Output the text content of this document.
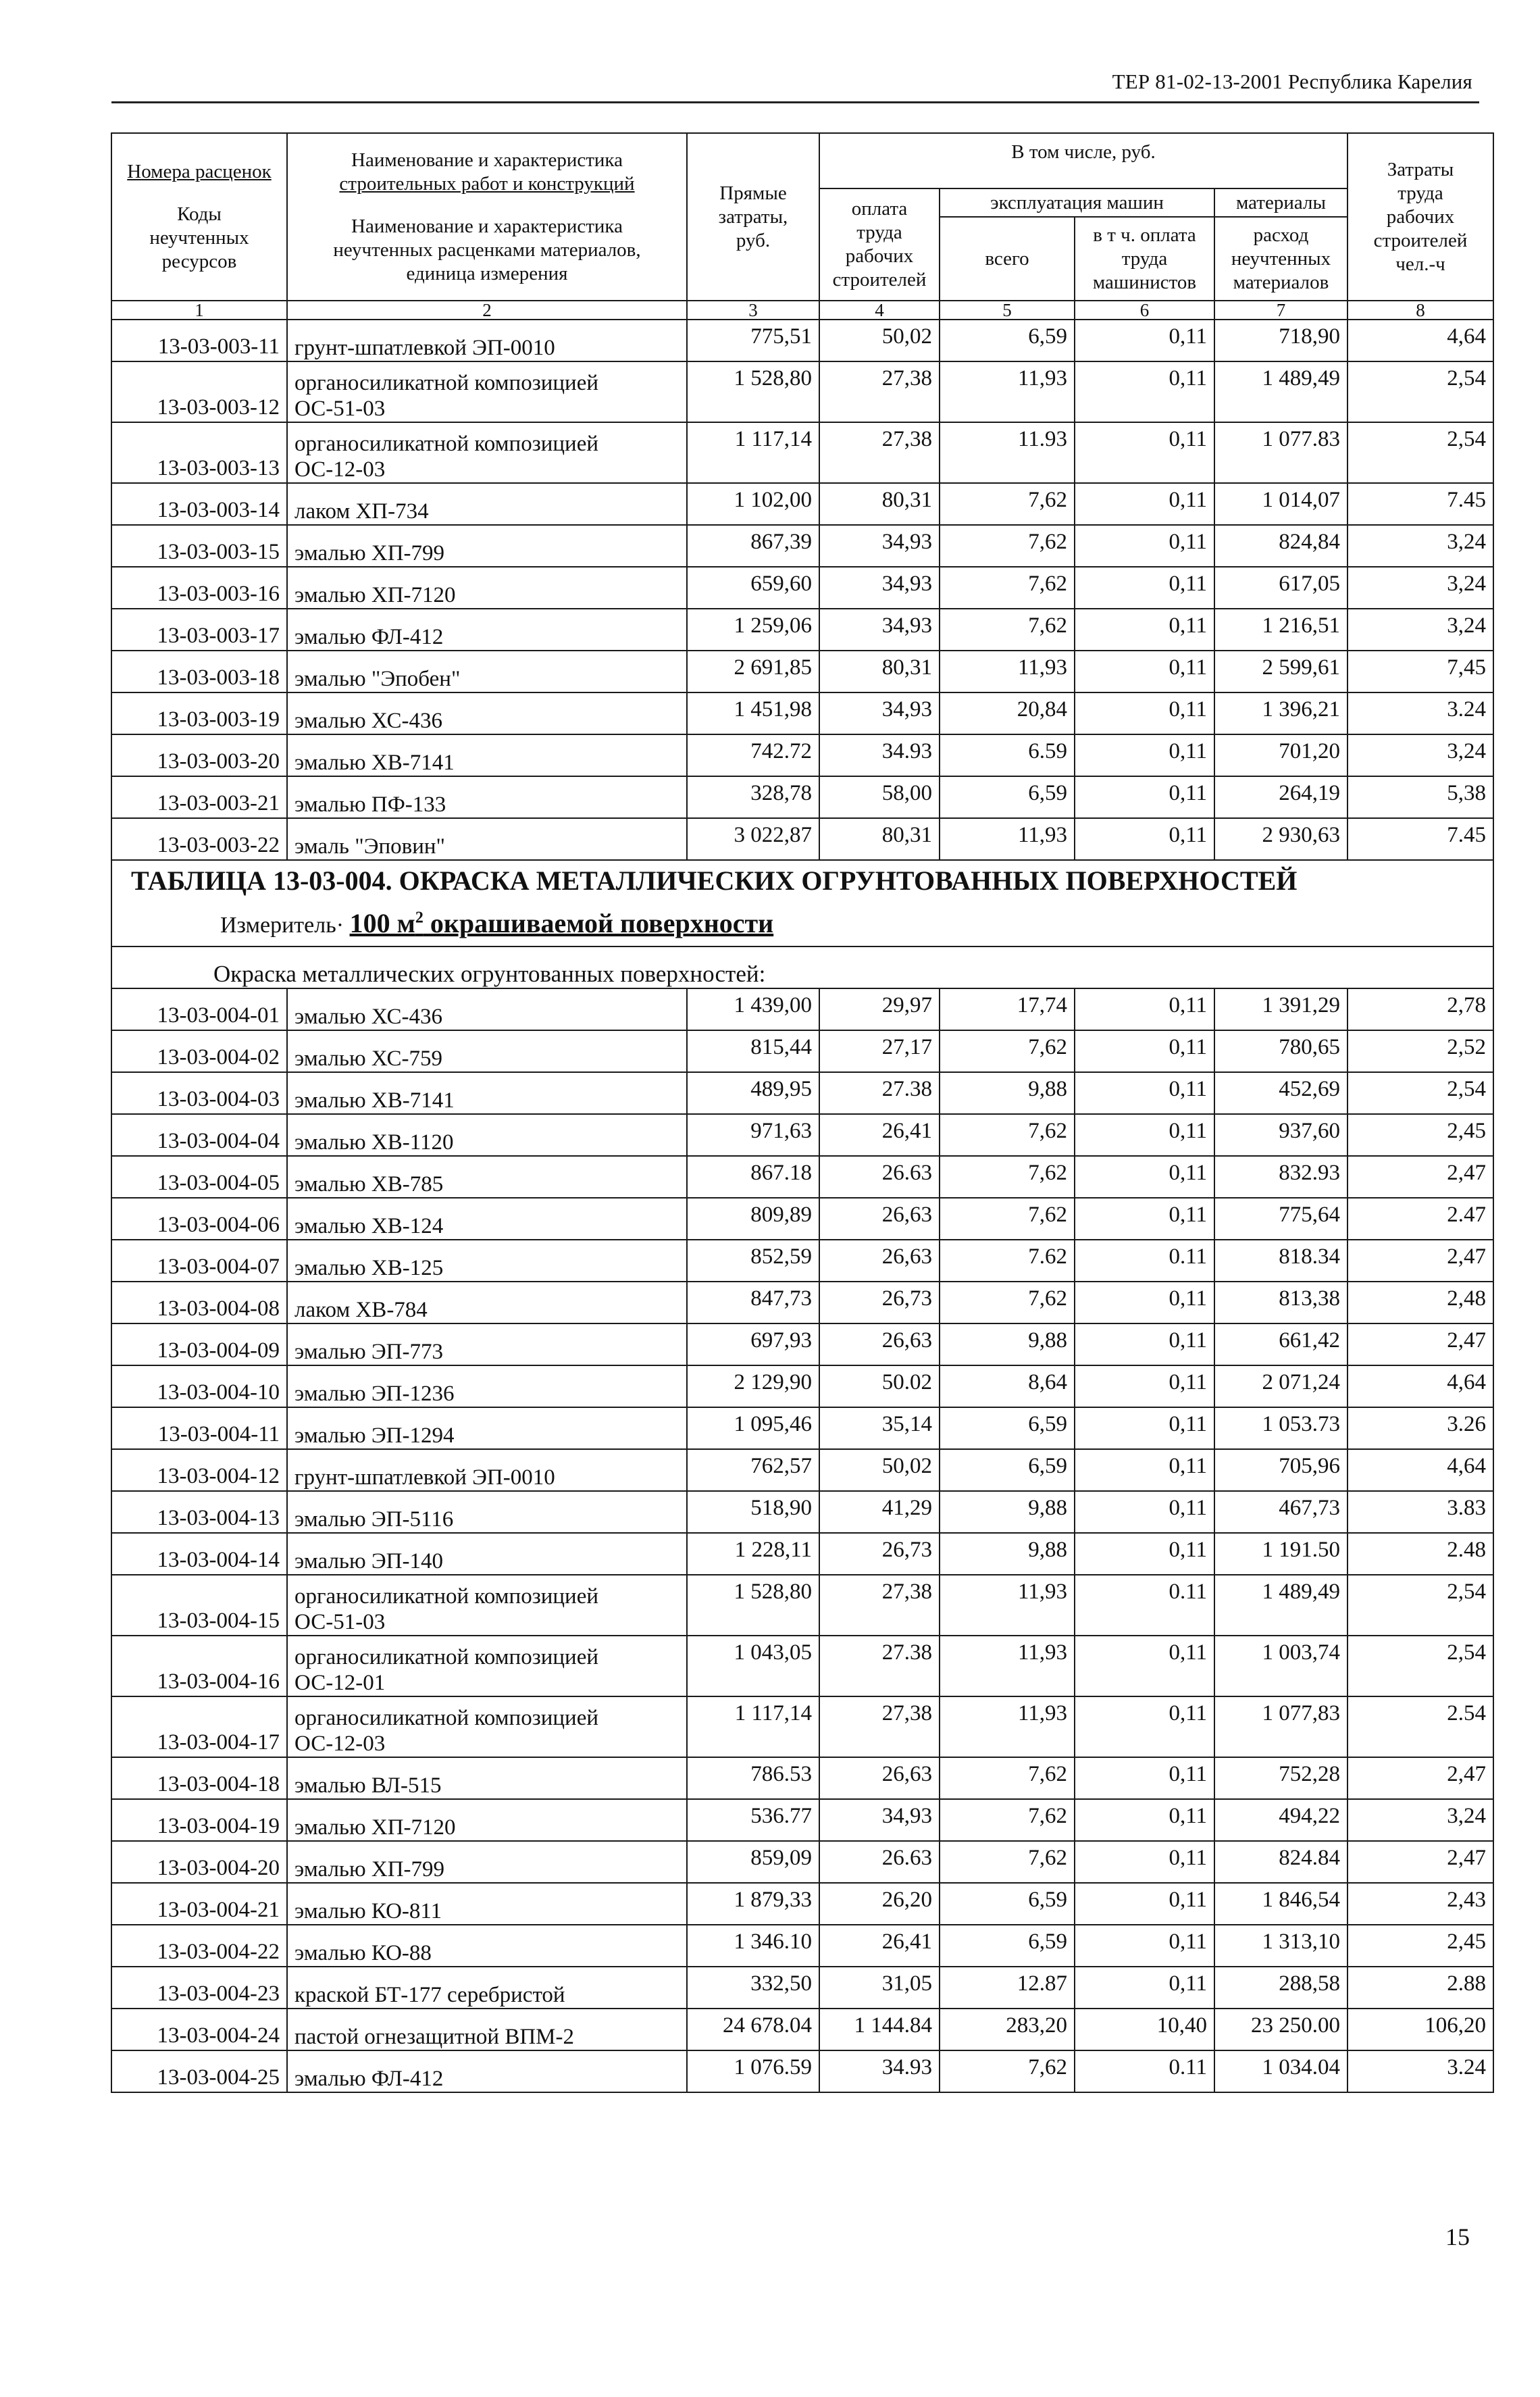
ТЕР 81-02-13-2001 Республика Карелия
Номера расценок
Коды
неучтенных
ресурсов	Наименование и характеристика
строительных работ и конструкций
Наименование и характеристика
неучтенных расценками материалов,
единица измерения	Прямые
затраты,
руб.	В том числе, руб.				Затраты
труда
рабочих
строителей
чел.-ч

			оплата
труда
рабочих
строителей	эксплуатация машин		материалы	
				всего	в т ч. оплата
труда
машинистов	расход
неучтенных
материалов	

1	2	3	4	5	6	7	8
13-03-003-11	грунт-шпатлевкой ЭП-0010	775,51	50,02	6,59	0,11	718,90	4,64
13-03-003-12	органосиликатной композицией
ОС-51-03	1 528,80	27,38	11,93	0,11	1 489,49	2,54
13-03-003-13	органосиликатной композицией
ОС-12-03	1 117,14	27,38	11.93	0,11	1 077.83	2,54
13-03-003-14	лаком ХП-734	1 102,00	80,31	7,62	0,11	1 014,07	7.45
13-03-003-15	эмалью ХП-799	867,39	34,93	7,62	0,11	824,84	3,24
13-03-003-16	эмалью ХП-7120	659,60	34,93	7,62	0,11	617,05	3,24
13-03-003-17	эмалью ФЛ-412	1 259,06	34,93	7,62	0,11	1 216,51	3,24
13-03-003-18	эмалью "Эпобен"	2 691,85	80,31	11,93	0,11	2 599,61	7,45
13-03-003-19	эмалью ХС-436	1 451,98	34,93	20,84	0,11	1 396,21	3.24
13-03-003-20	эмалью ХВ-7141	742.72	34.93	6.59	0,11	701,20	3,24
13-03-003-21	эмалью ПФ-133	328,78	58,00	6,59	0,11	264,19	5,38
13-03-003-22	эмаль "Эповин"	3 022,87	80,31	11,93	0,11	2 930,63	7.45

ТАБЛИЦА 13-03-004. ОКРАСКА МЕТАЛЛИЧЕСКИХ ОГРУНТОВАННЫХ ПОВЕРХНОСТЕЙ
Измеритель· 100 $м^2$ окрашиваемой поверхности							

Окраска металлических огрунтованных поверхностей:							
13-03-004-01	эмалью ХС-436	1 439,00	29,97	17,74	0,11	1 391,29	2,78
13-03-004-02	эмалью ХС-759	815,44	27,17	7,62	0,11	780,65	2,52
13-03-004-03	эмалью ХВ-7141	489,95	27.38	9,88	0,11	452,69	2,54
13-03-004-04	эмалью ХВ-1120	971,63	26,41	7,62	0,11	937,60	2,45
13-03-004-05	эмалью ХВ-785	867.18	26.63	7,62	0,11	832.93	2,47
13-03-004-06	эмалью ХВ-124	809,89	26,63	7,62	0,11	775,64	2.47
13-03-004-07	эмалью ХВ-125	852,59	26,63	7.62	0.11	818.34	2,47
13-03-004-08	лаком ХВ-784	847,73	26,73	7,62	0,11	813,38	2,48
13-03-004-09	эмалью ЭП-773	697,93	26,63	9,88	0,11	661,42	2,47
13-03-004-10	эмалью ЭП-1236	2 129,90	50.02	8,64	0,11	2 071,24	4,64
13-03-004-11	эмалью ЭП-1294	1 095,46	35,14	6,59	0,11	1 053.73	3.26
13-03-004-12	грунт-шпатлевкой ЭП-0010	762,57	50,02	6,59	0,11	705,96	4,64
13-03-004-13	эмалью ЭП-5116	518,90	41,29	9,88	0,11	467,73	3.83
13-03-004-14	эмалью ЭП-140	1 228,11	26,73	9,88	0,11	1 191.50	2.48
13-03-004-15	органосиликатной композицией
ОС-51-03	1 528,80	27,38	11,93	0.11	1 489,49	2,54
13-03-004-16	органосиликатной композицией
ОС-12-01	1 043,05	27.38	11,93	0,11	1 003,74	2,54
13-03-004-17	органосиликатной композицией
ОС-12-03	1 117,14	27,38	11,93	0,11	1 077,83	2.54
13-03-004-18	эмалью ВЛ-515	786.53	26,63	7,62	0,11	752,28	2,47
13-03-004-19	эмалью ХП-7120	536.77	34,93	7,62	0,11	494,22	3,24
13-03-004-20	эмалью ХП-799	859,09	26.63	7,62	0,11	824.84	2,47
13-03-004-21	эмалью КО-811	1 879,33	26,20	6,59	0,11	1 846,54	2,43
13-03-004-22	эмалью КО-88	1 346.10	26,41	6,59	0,11	1 313,10	2,45
13-03-004-23	краской БТ-177 серебристой	332,50	31,05	12.87	0,11	288,58	2.88
13-03-004-24	пастой огнезащитной ВПМ-2	24 678.04	1 144.84	283,20	10,40	23 250.00	106,20
13-03-004-25	эмалью ФЛ-412	1 076.59	34.93	7,62	0.11	1 034.04	3.24
15
